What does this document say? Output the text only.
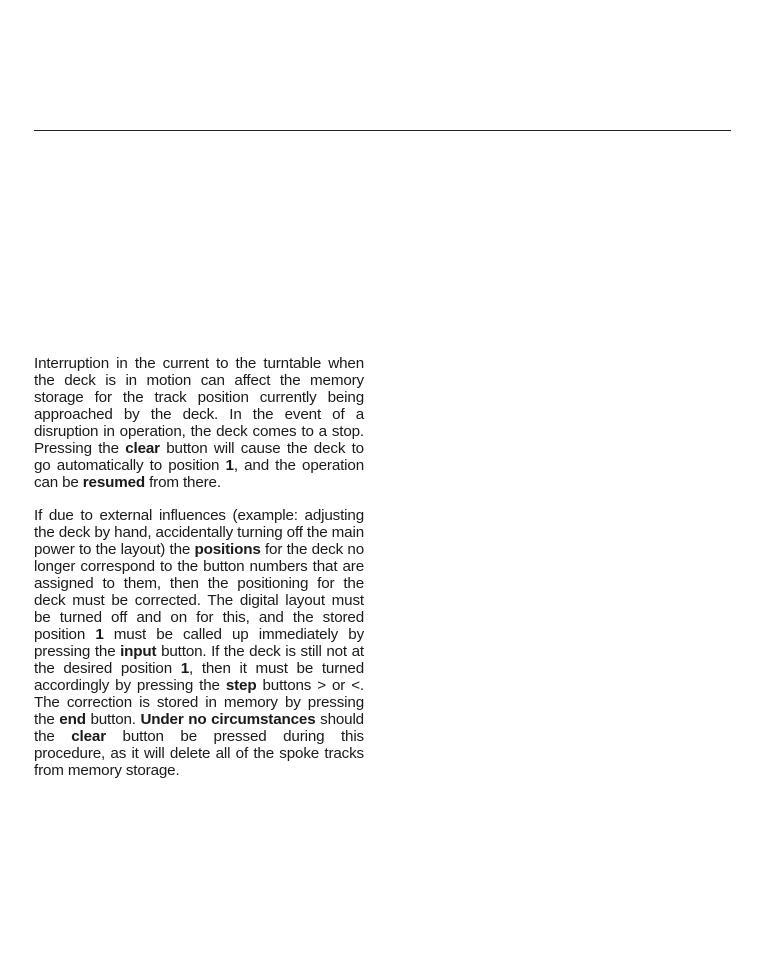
Interruption in the current to the turntable when the deck is in motion can affect the memory storage for the track position currently being approached by the deck. In the event of a disruption in operation, the deck comes to a stop. Pressing the clear button will cause the deck to go automatically to position 1, and the operation can be resumed from there.

If due to external influences (example: adjusting the deck by hand, accidentally turning off the main power to the layout) the positions for the deck no longer correspond to the button numbers that are assigned to them, then the positioning for the deck must be corrected. The digital layout must be turned off and on for this, and the stored position 1 must be called up immediately by pressing the input button. If the deck is still not at the desired position 1, then it must be turned accordingly by pressing the step buttons > or <. The correction is stored in memory by pressing the end button. Under no circumstances should the clear button be pressed during this procedure, as it will delete all of the spoke tracks from memory storage.
